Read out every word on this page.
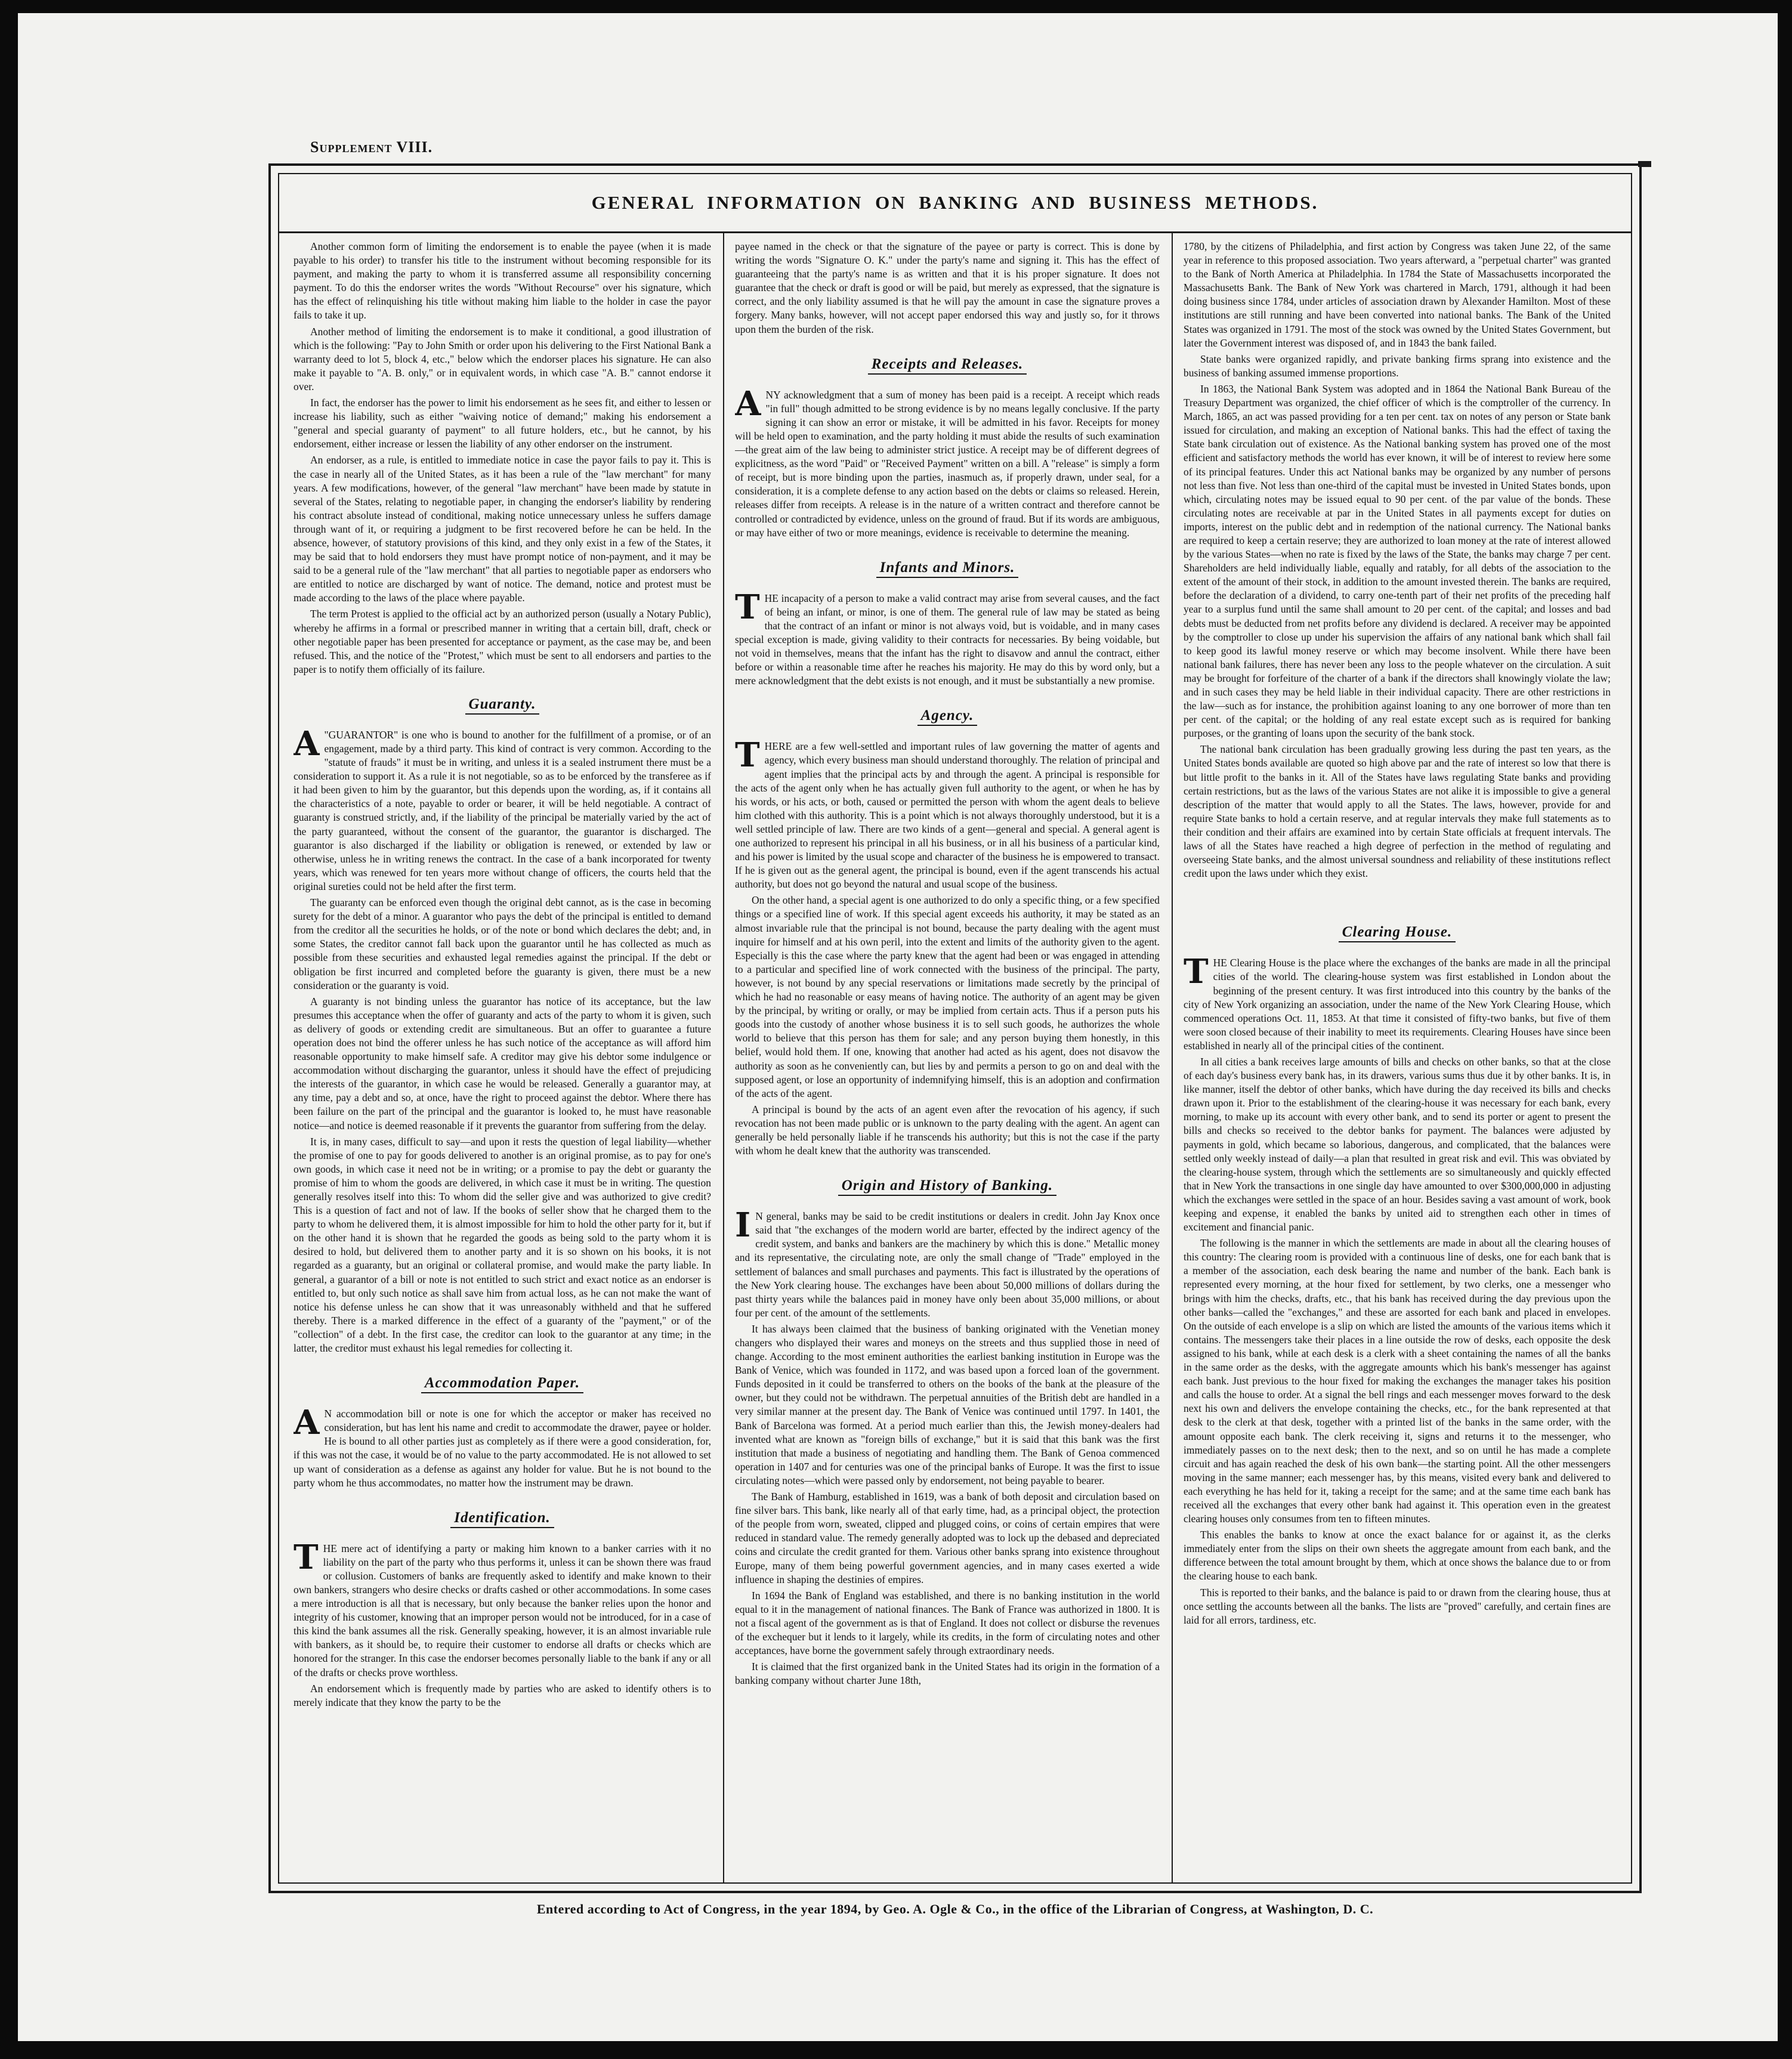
Supplement VIII.
GENERAL INFORMATION ON BANKING AND BUSINESS METHODS.

Another common form of limiting the endorsement is to enable the payee (when it is made payable to his order) to transfer his title to the instrument without becoming responsible for its payment, and making the party to whom it is transferred assume all responsibility concerning payment. To do this the endorser writes the words "Without Recourse" over his signature, which has the effect of relinquishing his title without making him liable to the holder in case the payor fails to take it up.

Another method of limiting the endorsement is to make it conditional, a good illustration of which is the following: "Pay to John Smith or order upon his delivering to the First National Bank a warranty deed to lot 5, block 4, etc.," below which the endorser places his signature. He can also make it payable to "A. B. only," or in equivalent words, in which case "A. B." cannot endorse it over.

In fact, the endorser has the power to limit his endorsement as he sees fit, and either to lessen or increase his liability, such as either "waiving notice of demand;" making his endorsement a "general and special guaranty of payment" to all future holders, etc., but he cannot, by his endorsement, either increase or lessen the liability of any other endorser on the instrument.

An endorser, as a rule, is entitled to immediate notice in case the payor fails to pay it. This is the case in nearly all of the United States, as it has been a rule of the "law merchant" for many years. A few modifications, however, of the general "law merchant" have been made by statute in several of the States, relating to negotiable paper, in changing the endorser's liability by rendering his contract absolute instead of conditional, making notice unnecessary unless he suffers damage through want of it, or requiring a judgment to be first recovered before he can be held. In the absence, however, of statutory provisions of this kind, and they only exist in a few of the States, it may be said that to hold endorsers they must have prompt notice of non-payment, and it may be said to be a general rule of the "law merchant" that all parties to negotiable paper as endorsers who are entitled to notice are discharged by want of notice. The demand, notice and protest must be made according to the laws of the place where payable.

The term Protest is applied to the official act by an authorized person (usually a Notary Public), whereby he affirms in a formal or prescribed manner in writing that a certain bill, draft, check or other negotiable paper has been presented for acceptance or payment, as the case may be, and been refused. This, and the notice of the "Protest," which must be sent to all endorsers and parties to the paper is to notify them officially of its failure.

Guaranty.

A "GUARANTOR" is one who is bound to another for the fulfillment of a promise, or of an engagement, made by a third party. This kind of contract is very common. According to the "statute of frauds" it must be in writing, and unless it is a sealed instrument there must be a consideration to support it. As a rule it is not negotiable, so as to be enforced by the transferee as if it had been given to him by the guarantor, but this depends upon the wording, as, if it contains all the characteristics of a note, payable to order or bearer, it will be held negotiable. A contract of guaranty is construed strictly, and, if the liability of the principal be materially varied by the act of the party guaranteed, without the consent of the guarantor, the guarantor is discharged. The guarantor is also discharged if the liability or obligation is renewed, or extended by law or otherwise, unless he in writing renews the contract. In the case of a bank incorporated for twenty years, which was renewed for ten years more without change of officers, the courts held that the original sureties could not be held after the first term.

The guaranty can be enforced even though the original debt cannot, as is the case in becoming surety for the debt of a minor. A guarantor who pays the debt of the principal is entitled to demand from the creditor all the securities he holds, or of the note or bond which declares the debt; and, in some States, the creditor cannot fall back upon the guarantor until he has collected as much as possible from these securities and exhausted legal remedies against the principal. If the debt or obligation be first incurred and completed before the guaranty is given, there must be a new consideration or the guaranty is void.

A guaranty is not binding unless the guarantor has notice of its acceptance, but the law presumes this acceptance when the offer of guaranty and acts of the party to whom it is given, such as delivery of goods or extending credit are simultaneous. But an offer to guarantee a future operation does not bind the offerer unless he has such notice of the acceptance as will afford him reasonable opportunity to make himself safe. A creditor may give his debtor some indulgence or accommodation without discharging the guarantor, unless it should have the effect of prejudicing the interests of the guarantor, in which case he would be released. Generally a guarantor may, at any time, pay a debt and so, at once, have the right to proceed against the debtor. Where there has been failure on the part of the principal and the guarantor is looked to, he must have reasonable notice—and notice is deemed reasonable if it prevents the guarantor from suffering from the delay.

It is, in many cases, difficult to say—and upon it rests the question of legal liability—whether the promise of one to pay for goods delivered to another is an original promise, as to pay for one's own goods, in which case it need not be in writing; or a promise to pay the debt or guaranty the promise of him to whom the goods are delivered, in which case it must be in writing. The question generally resolves itself into this: To whom did the seller give and was authorized to give credit? This is a question of fact and not of law. If the books of seller show that he charged them to the party to whom he delivered them, it is almost impossible for him to hold the other party for it, but if on the other hand it is shown that he regarded the goods as being sold to the party whom it is desired to hold, but delivered them to another party and it is so shown on his books, it is not regarded as a guaranty, but an original or collateral promise, and would make the party liable. In general, a guarantor of a bill or note is not entitled to such strict and exact notice as an endorser is entitled to, but only such notice as shall save him from actual loss, as he can not make the want of notice his defense unless he can show that it was unreasonably withheld and that he suffered thereby. There is a marked difference in the effect of a guaranty of the "payment," or of the "collection" of a debt. In the first case, the creditor can look to the guarantor at any time; in the latter, the creditor must exhaust his legal remedies for collecting it.

Accommodation Paper.

A N accommodation bill or note is one for which the acceptor or maker has received no consideration, but has lent his name and credit to accommodate the drawer, payee or holder. He is bound to all other parties just as completely as if there were a good consideration, for, if this was not the case, it would be of no value to the party accommodated. He is not allowed to set up want of consideration as a defense as against any holder for value. But he is not bound to the party whom he thus accommodates, no matter how the instrument may be drawn.

Identification.

THE mere act of identifying a party or making him known to a banker carries with it no liability on the part of the party who thus performs it, unless it can be shown there was fraud or collusion. Customers of banks are frequently asked to identify and make known to their own bankers, strangers who desire checks or drafts cashed or other accommodations. In some cases a mere introduction is all that is necessary, but only because the banker relies upon the honor and integrity of his customer, knowing that an improper person would not be introduced, for in a case of this kind the bank assumes all the risk. Generally speaking, however, it is an almost invariable rule with bankers, as it should be, to require their customer to endorse all drafts or checks which are honored for the stranger. In this case the endorser becomes personally liable to the bank if any or all of the drafts or checks prove worthless.

An endorsement which is frequently made by parties who are asked to identify others is to merely indicate that they know the party to be the

payee named in the check or that the signature of the payee or party is correct. This is done by writing the words "Signature O. K." under the party's name and signing it. This has the effect of guaranteeing that the party's name is as written and that it is his proper signature. It does not guarantee that the check or draft is good or will be paid, but merely as expressed, that the signature is correct, and the only liability assumed is that he will pay the amount in case the signature proves a forgery. Many banks, however, will not accept paper endorsed this way and justly so, for it throws upon them the burden of the risk.

Receipts and Releases.

ANY acknowledgment that a sum of money has been paid is a receipt. A receipt which reads "in full" though admitted to be strong evidence is by no means legally conclusive. If the party signing it can show an error or mistake, it will be admitted in his favor. Receipts for money will be held open to examination, and the party holding it must abide the results of such examination—the great aim of the law being to administer strict justice. A receipt may be of different degrees of explicitness, as the word "Paid" or "Received Payment" written on a bill. A "release" is simply a form of receipt, but is more binding upon the parties, inasmuch as, if properly drawn, under seal, for a consideration, it is a complete defense to any action based on the debts or claims so released. Herein, releases differ from receipts. A release is in the nature of a written contract and therefore cannot be controlled or contradicted by evidence, unless on the ground of fraud. But if its words are ambiguous, or may have either of two or more meanings, evidence is receivable to determine the meaning.

Infants and Minors.

THE incapacity of a person to make a valid contract may arise from several causes, and the fact of being an infant, or minor, is one of them. The general rule of law may be stated as being that the contract of an infant or minor is not always void, but is voidable, and in many cases special exception is made, giving validity to their contracts for necessaries. By being voidable, but not void in themselves, means that the infant has the right to disavow and annul the contract, either before or within a reasonable time after he reaches his majority. He may do this by word only, but a mere acknowledgment that the debt exists is not enough, and it must be substantially a new promise.

Agency.

THERE are a few well-settled and important rules of law governing the matter of agents and agency, which every business man should understand thoroughly. The relation of principal and agent implies that the principal acts by and through the agent. A principal is responsible for the acts of the agent only when he has actually given full authority to the agent, or when he has by his words, or his acts, or both, caused or permitted the person with whom the agent deals to believe him clothed with this authority. This is a point which is not always thoroughly understood, but it is a well settled principle of law. There are two kinds of a gent—general and special. A general agent is one authorized to represent his principal in all his business, or in all his business of a particular kind, and his power is limited by the usual scope and character of the business he is empowered to transact. If he is given out as the general agent, the principal is bound, even if the agent transcends his actual authority, but does not go beyond the natural and usual scope of the business.

On the other hand, a special agent is one authorized to do only a specific thing, or a few specified things or a specified line of work. If this special agent exceeds his authority, it may be stated as an almost invariable rule that the principal is not bound, because the party dealing with the agent must inquire for himself and at his own peril, into the extent and limits of the authority given to the agent. Especially is this the case where the party knew that the agent had been or was engaged in attending to a particular and specified line of work connected with the business of the principal. The party, however, is not bound by any special reservations or limitations made secretly by the principal of which he had no reasonable or easy means of having notice. The authority of an agent may be given by the principal, by writing or orally, or may be implied from certain acts. Thus if a person puts his goods into the custody of another whose business it is to sell such goods, he authorizes the whole world to believe that this person has them for sale; and any person buying them honestly, in this belief, would hold them. If one, knowing that another had acted as his agent, does not disavow the authority as soon as he conveniently can, but lies by and permits a person to go on and deal with the supposed agent, or lose an opportunity of indemnifying himself, this is an adoption and confirmation of the acts of the agent.

A principal is bound by the acts of an agent even after the revocation of his agency, if such revocation has not been made public or is unknown to the party dealing with the agent. An agent can generally be held personally liable if he transcends his authority; but this is not the case if the party with whom he dealt knew that the authority was transcended.

Origin and History of Banking.

I N general, banks may be said to be credit institutions or dealers in credit. John Jay Knox once said that "the exchanges of the modern world are barter, effected by the indirect agency of the credit system, and banks and bankers are the machinery by which this is done." Metallic money and its representative, the circulating note, are only the small change of "Trade" employed in the settlement of balances and small purchases and payments. This fact is illustrated by the operations of the New York clearing house. The exchanges have been about 50,000 millions of dollars during the past thirty years while the balances paid in money have only been about 35,000 millions, or about four per cent. of the amount of the settlements.

It has always been claimed that the business of banking originated with the Venetian money changers who displayed their wares and moneys on the streets and thus supplied those in need of change. According to the most eminent authorities the earliest banking institution in Europe was the Bank of Venice, which was founded in 1172, and was based upon a forced loan of the government. Funds deposited in it could be transferred to others on the books of the bank at the pleasure of the owner, but they could not be withdrawn. The perpetual annuities of the British debt are handled in a very similar manner at the present day. The Bank of Venice was continued until 1797. In 1401, the Bank of Barcelona was formed. At a period much earlier than this, the Jewish money-dealers had invented what are known as "foreign bills of exchange," but it is said that this bank was the first institution that made a business of negotiating and handling them. The Bank of Genoa commenced operation in 1407 and for centuries was one of the principal banks of Europe. It was the first to issue circulating notes—which were passed only by endorsement, not being payable to bearer.

The Bank of Hamburg, established in 1619, was a bank of both deposit and circulation based on fine silver bars. This bank, like nearly all of that early time, had, as a principal object, the protection of the people from worn, sweated, clipped and plugged coins, or coins of certain empires that were reduced in standard value. The remedy generally adopted was to lock up the debased and depreciated coins and circulate the credit granted for them. Various other banks sprang into existence throughout Europe, many of them being powerful government agencies, and in many cases exerted a wide influence in shaping the destinies of empires.

In 1694 the Bank of England was established, and there is no banking institution in the world equal to it in the management of national finances. The Bank of France was authorized in 1800. It is not a fiscal agent of the government as is that of England. It does not collect or disburse the revenues of the exchequer but it lends to it largely, while its credits, in the form of circulating notes and other acceptances, have borne the government safely through extraordinary needs.

It is claimed that the first organized bank in the United States had its origin in the formation of a banking company without charter June 18th,

1780, by the citizens of Philadelphia, and first action by Congress was taken June 22, of the same year in reference to this proposed association. Two years afterward, a "perpetual charter" was granted to the Bank of North America at Philadelphia. In 1784 the State of Massachusetts incorporated the Massachusetts Bank. The Bank of New York was chartered in March, 1791, although it had been doing business since 1784, under articles of association drawn by Alexander Hamilton. Most of these institutions are still running and have been converted into national banks. The Bank of the United States was organized in 1791. The most of the stock was owned by the United States Government, but later the Government interest was disposed of, and in 1843 the bank failed.

State banks were organized rapidly, and private banking firms sprang into existence and the business of banking assumed immense proportions.

In 1863, the National Bank System was adopted and in 1864 the National Bank Bureau of the Treasury Department was organized, the chief officer of which is the comptroller of the currency. In March, 1865, an act was passed providing for a ten per cent. tax on notes of any person or State bank issued for circulation, and making an exception of National banks. This had the effect of taxing the State bank circulation out of existence. As the National banking system has proved one of the most efficient and satisfactory methods the world has ever known, it will be of interest to review here some of its principal features. Under this act National banks may be organized by any number of persons not less than five. Not less than one-third of the capital must be invested in United States bonds, upon which, circulating notes may be issued equal to 90 per cent. of the par value of the bonds. These circulating notes are receivable at par in the United States in all payments except for duties on imports, interest on the public debt and in redemption of the national currency. The National banks are required to keep a certain reserve; they are authorized to loan money at the rate of interest allowed by the various States—when no rate is fixed by the laws of the State, the banks may charge 7 per cent. Shareholders are held individually liable, equally and ratably, for all debts of the association to the extent of the amount of their stock, in addition to the amount invested therein. The banks are required, before the declaration of a dividend, to carry one-tenth part of their net profits of the preceding half year to a surplus fund until the same shall amount to 20 per cent. of the capital; and losses and bad debts must be deducted from net profits before any dividend is declared. A receiver may be appointed by the comptroller to close up under his supervision the affairs of any national bank which shall fail to keep good its lawful money reserve or which may become insolvent. While there have been national bank failures, there has never been any loss to the people whatever on the circulation. A suit may be brought for forfeiture of the charter of a bank if the directors shall knowingly violate the law; and in such cases they may be held liable in their individual capacity. There are other restrictions in the law—such as for instance, the prohibition against loaning to any one borrower of more than ten per cent. of the capital; or the holding of any real estate except such as is required for banking purposes, or the granting of loans upon the security of the bank stock.

The national bank circulation has been gradually growing less during the past ten years, as the United States bonds available are quoted so high above par and the rate of interest so low that there is but little profit to the banks in it. All of the States have laws regulating State banks and providing certain restrictions, but as the laws of the various States are not alike it is impossible to give a general description of the matter that would apply to all the States. The laws, however, provide for and require State banks to hold a certain reserve, and at regular intervals they make full statements as to their condition and their affairs are examined into by certain State officials at frequent intervals. The laws of all the States have reached a high degree of perfection in the method of regulating and overseeing State banks, and the almost universal soundness and reliability of these institutions reflect credit upon the laws under which they exist.

Clearing House.

THE Clearing House is the place where the exchanges of the banks are made in all the principal cities of the world. The clearing-house system was first established in London about the beginning of the present century. It was first introduced into this country by the banks of the city of New York organizing an association, under the name of the New York Clearing House, which commenced operations Oct. 11, 1853. At that time it consisted of fifty-two banks, but five of them were soon closed because of their inability to meet its requirements. Clearing Houses have since been established in nearly all of the principal cities of the continent.

In all cities a bank receives large amounts of bills and checks on other banks, so that at the close of each day's business every bank has, in its drawers, various sums thus due it by other banks. It is, in like manner, itself the debtor of other banks, which have during the day received its bills and checks drawn upon it. Prior to the establishment of the clearing-house it was necessary for each bank, every morning, to make up its account with every other bank, and to send its porter or agent to present the bills and checks so received to the debtor banks for payment. The balances were adjusted by payments in gold, which became so laborious, dangerous, and complicated, that the balances were settled only weekly instead of daily—a plan that resulted in great risk and evil. This was obviated by the clearing-house system, through which the settlements are so simultaneously and quickly effected that in New York the transactions in one single day have amounted to over $300,000,000 in adjusting which the exchanges were settled in the space of an hour. Besides saving a vast amount of work, book keeping and expense, it enabled the banks by united aid to strengthen each other in times of excitement and financial panic.

The following is the manner in which the settlements are made in about all the clearing houses of this country: The clearing room is provided with a continuous line of desks, one for each bank that is a member of the association, each desk bearing the name and number of the bank. Each bank is represented every morning, at the hour fixed for settlement, by two clerks, one a messenger who brings with him the checks, drafts, etc., that his bank has received during the day previous upon the other banks—called the "exchanges," and these are assorted for each bank and placed in envelopes. On the outside of each envelope is a slip on which are listed the amounts of the various items which it contains. The messengers take their places in a line outside the row of desks, each opposite the desk assigned to his bank, while at each desk is a clerk with a sheet containing the names of all the banks in the same order as the desks, with the aggregate amounts which his bank's messenger has against each bank. Just previous to the hour fixed for making the exchanges the manager takes his position and calls the house to order. At a signal the bell rings and each messenger moves forward to the desk next his own and delivers the envelope containing the checks, etc., for the bank represented at that desk to the clerk at that desk, together with a printed list of the banks in the same order, with the amount opposite each bank. The clerk receiving it, signs and returns it to the messenger, who immediately passes on to the next desk; then to the next, and so on until he has made a complete circuit and has again reached the desk of his own bank—the starting point. All the other messengers moving in the same manner; each messenger has, by this means, visited every bank and delivered to each everything he has held for it, taking a receipt for the same; and at the same time each bank has received all the exchanges that every other bank had against it. This operation even in the greatest clearing houses only consumes from ten to fifteen minutes.

This enables the banks to know at once the exact balance for or against it, as the clerks immediately enter from the slips on their own sheets the aggregate amount from each bank, and the difference between the total amount brought by them, which at once shows the balance due to or from the clearing house to each bank.

This is reported to their banks, and the balance is paid to or drawn from the clearing house, thus at once settling the accounts between all the banks. The lists are "proved" carefully, and certain fines are laid for all errors, tardiness, etc.

Entered according to Act of Congress, in the year 1894, by Geo. A. Ogle & Co., in the office of the Librarian of Congress, at Washington, D. C.
